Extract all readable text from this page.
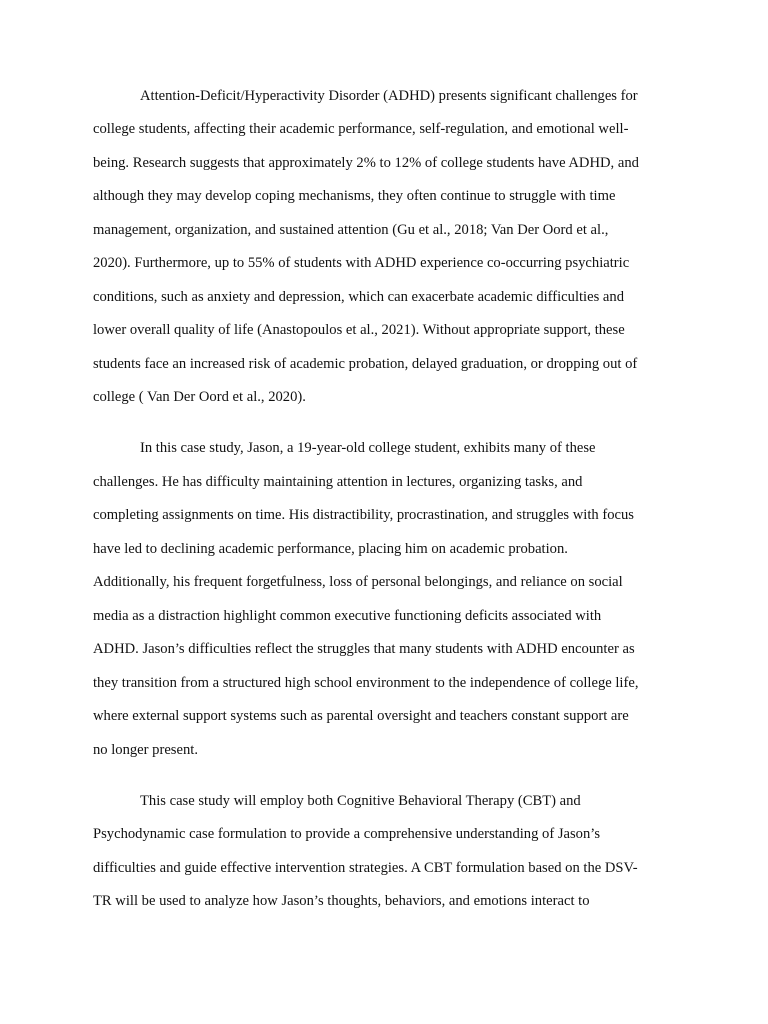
Attention-Deficit/Hyperactivity Disorder (ADHD) presents significant challenges for
college students, affecting their academic performance, self-regulation, and emotional well-
being. Research suggests that approximately 2% to 12% of college students have ADHD, and
although they may develop coping mechanisms, they often continue to struggle with time
management, organization, and sustained attention (Gu et al., 2018; Van Der Oord et al.,
2020). Furthermore, up to 55% of students with ADHD experience co-occurring psychiatric
conditions, such as anxiety and depression, which can exacerbate academic difficulties and
lower overall quality of life (Anastopoulos et al., 2021). Without appropriate support, these
students face an increased risk of academic probation, delayed graduation, or dropping out of
college ( Van Der Oord et al., 2020).
In this case study, Jason, a 19-year-old college student, exhibits many of these
challenges. He has difficulty maintaining attention in lectures, organizing tasks, and
completing assignments on time. His distractibility, procrastination, and struggles with focus
have led to declining academic performance, placing him on academic probation.
Additionally, his frequent forgetfulness, loss of personal belongings, and reliance on social
media as a distraction highlight common executive functioning deficits associated with
ADHD. Jason’s difficulties reflect the struggles that many students with ADHD encounter as
they transition from a structured high school environment to the independence of college life,
where external support systems such as parental oversight and teachers constant support are
no longer present.
This case study will employ both Cognitive Behavioral Therapy (CBT) and
Psychodynamic case formulation to provide a comprehensive understanding of Jason’s
difficulties and guide effective intervention strategies. A CBT formulation based on the DSV-
TR will be used to analyze how Jason’s thoughts, behaviors, and emotions interact to
